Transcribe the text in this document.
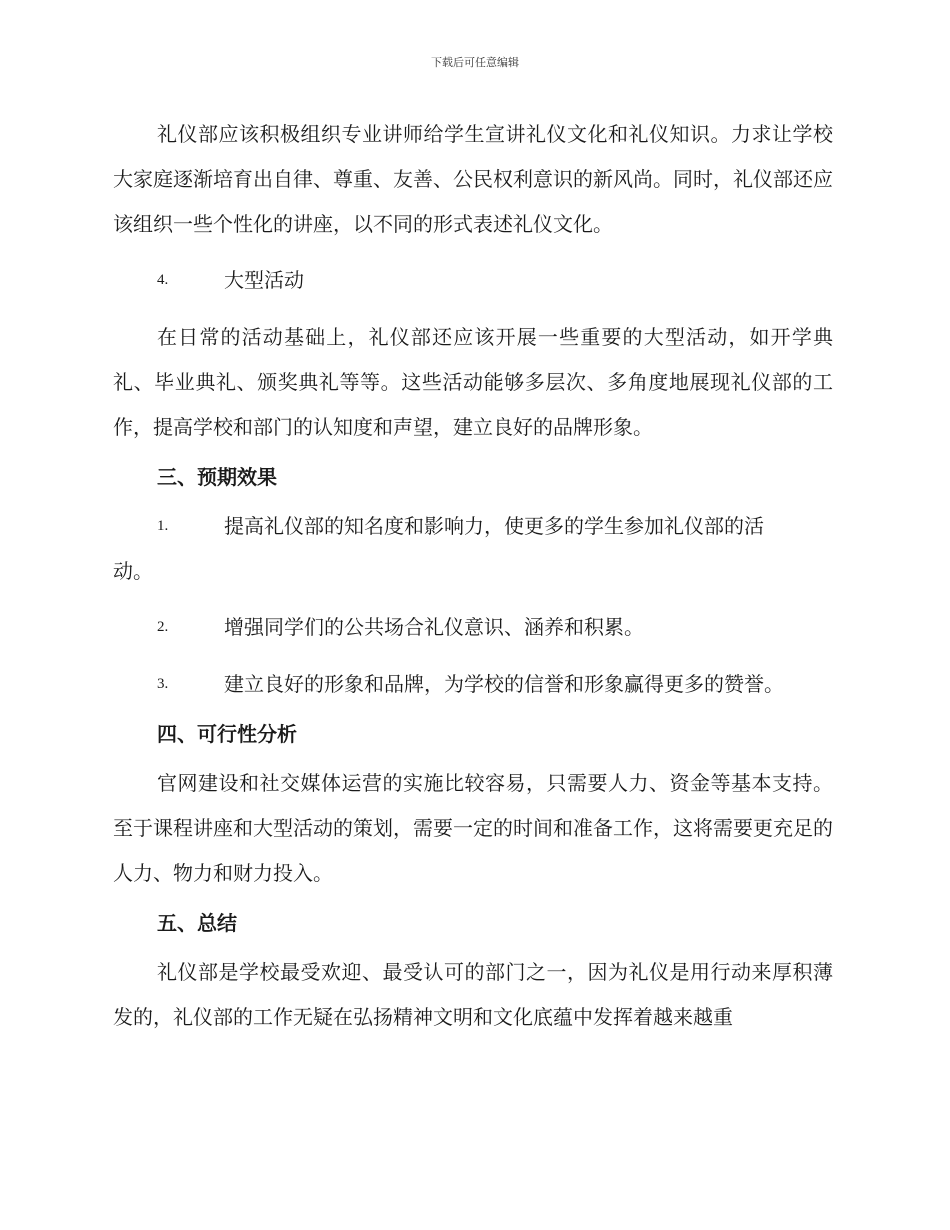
下载后可任意编辑

礼仪部应该积极组织专业讲师给学生宣讲礼仪文化和礼仪知识。力求让学校大家庭逐渐培育出自律、尊重、友善、公民权利意识的新风尚。同时，礼仪部还应该组织一些个性化的讲座，以不同的形式表述礼仪文化。

4.	大型活动

在日常的活动基础上，礼仪部还应该开展一些重要的大型活动，如开学典礼、毕业典礼、颁奖典礼等等。这些活动能够多层次、多角度地展现礼仪部的工作，提高学校和部门的认知度和声望，建立良好的品牌形象。

三、预期效果
1.	提高礼仪部的知名度和影响力，使更多的学生参加礼仪部的活
动。
2.	增强同学们的公共场合礼仪意识、涵养和积累。
3.	建立良好的形象和品牌，为学校的信誉和形象赢得更多的赞誉。
四、可行性分析

官网建设和社交媒体运营的实施比较容易，只需要人力、资金等基本支持。至于课程讲座和大型活动的策划，需要一定的时间和准备工作，这将需要更充足的人力、物力和财力投入。

五、总结

礼仪部是学校最受欢迎、最受认可的部门之一，因为礼仪是用行动来厚积薄发的，礼仪部的工作无疑在弘扬精神文明和文化底蕴中发挥着越来越重
